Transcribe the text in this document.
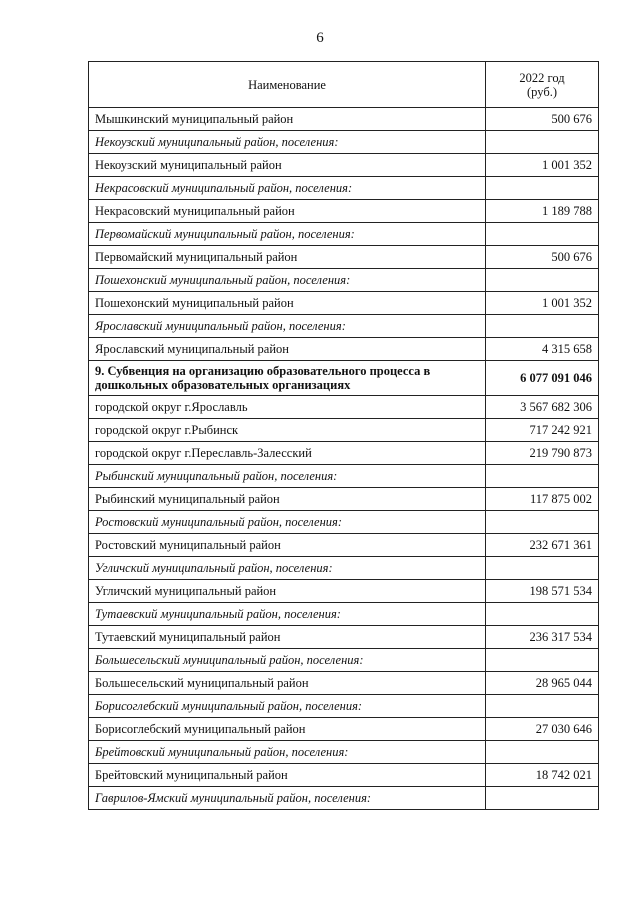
6
Наименование	2022 год
(руб.)

Мышкинский муниципальный район	500 676
Некоузский муниципальный район, поселения:	
Некоузский муниципальный район	1 001 352
Некрасовский муниципальный район, поселения:	
Некрасовский муниципальный район	1 189 788
Первомайский муниципальный район, поселения:	
Первомайский муниципальный район	500 676
Пошехонский муниципальный район, поселения:	
Пошехонский муниципальный район	1 001 352
Ярославский муниципальный район, поселения:	
Ярославский муниципальный район	4 315 658
9. Субвенция на организацию образовательного процесса в дошкольных образовательных организациях	6 077 091 046
городской округ г.Ярославль	3 567 682 306
городской округ г.Рыбинск	717 242 921
городской округ г.Переславль-Залесский	219 790 873
Рыбинский муниципальный район, поселения:	
Рыбинский муниципальный район	117 875 002
Ростовский муниципальный район, поселения:	
Ростовский муниципальный район	232 671 361
Угличский муниципальный район, поселения:	
Угличский муниципальный район	198 571 534
Тутаевский муниципальный район, поселения:	
Тутаевский муниципальный район	236 317 534
Большесельский муниципальный район, поселения:	
Большесельский муниципальный район	28 965 044
Борисоглебский муниципальный район, поселения:	
Борисоглебский муниципальный район	27 030 646
Брейтовский муниципальный район, поселения:	
Брейтовский муниципальный район	18 742 021
Гаврилов-Ямский муниципальный район, поселения:	
